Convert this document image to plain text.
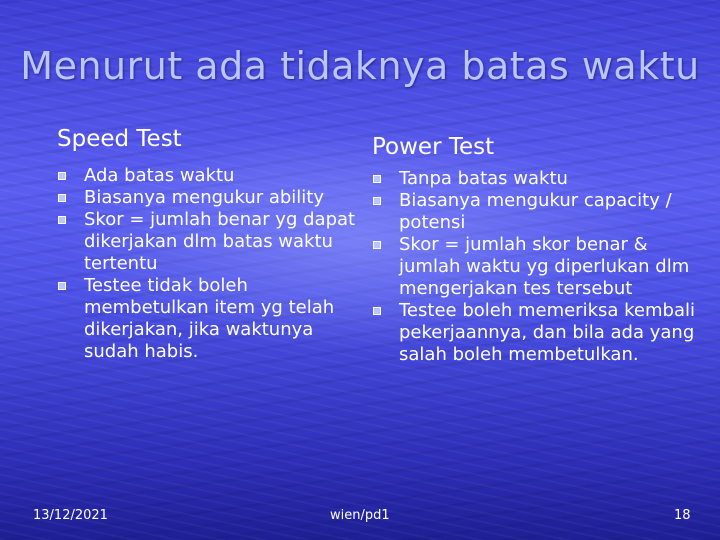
Menurut ada tidaknya batas waktu
Speed Test
Ada batas waktu
Biasanya mengukur ability
Skor = jumlah benar yg dapat dikerjakan dlm batas waktu tertentu
Testee tidak boleh membetulkan item yg telah dikerjakan, jika waktunya sudah habis.
Power Test
Tanpa batas waktu
Biasanya mengukur capacity / potensi
Skor = jumlah skor benar & jumlah waktu yg diperlukan dlm mengerjakan tes tersebut
Testee boleh memeriksa kembali pekerjaannya, dan bila ada yang salah boleh membetulkan.
13/12/2021	wien/pd1	18
